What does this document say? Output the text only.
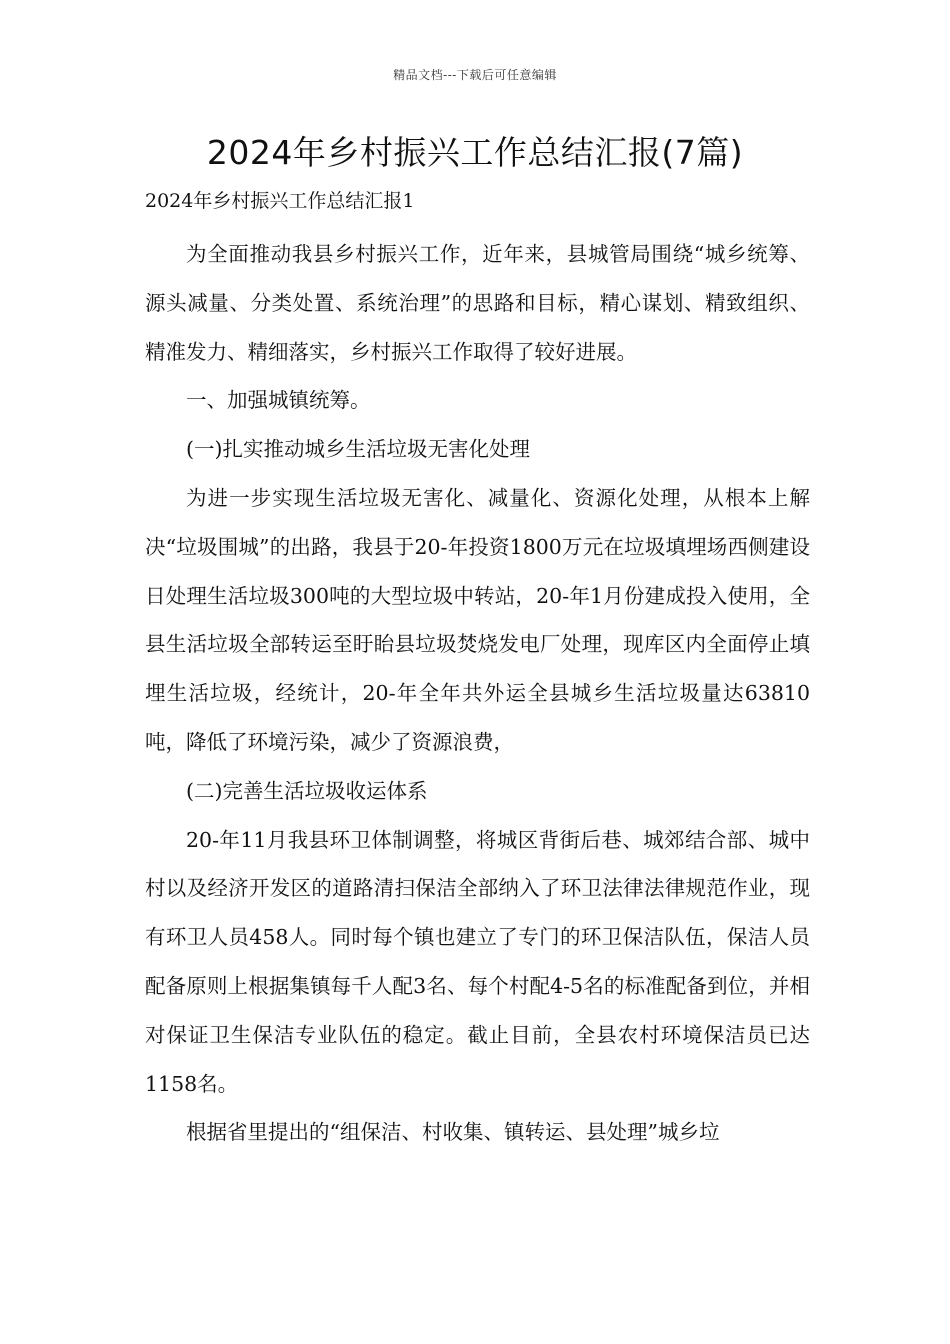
精品文档---下载后可任意编辑
2024年乡村振兴工作总结汇报(7篇)
2024年乡村振兴工作总结汇报1

为全面推动我县乡村振兴工作，近年来，县城管局围绕“城乡统筹、源头减量、分类处置、系统治理”的思路和目标，精心谋划、精致组织、精准发力、精细落实，乡村振兴工作取得了较好进展。

一、加强城镇统筹。

(一)扎实推动城乡生活垃圾无害化处理

为进一步实现生活垃圾无害化、减量化、资源化处理，从根本上解决“垃圾围城”的出路，我县于20-年投资1800万元在垃圾填埋场西侧建设日处理生活垃圾300吨的大型垃圾中转站，20-年1月份建成投入使用，全县生活垃圾全部转运至盱眙县垃圾焚烧发电厂处理，现库区内全面停止填埋生活垃圾，经统计，20-年全年共外运全县城乡生活垃圾量达63810吨，降低了环境污染，减少了资源浪费，

(二)完善生活垃圾收运体系

20-年11月我县环卫体制调整，将城区背街后巷、城郊结合部、城中村以及经济开发区的道路清扫保洁全部纳入了环卫法律法律规范作业，现有环卫人员458人。同时每个镇也建立了专门的环卫保洁队伍，保洁人员配备原则上根据集镇每千人配3名、每个村配4-5名的标准配备到位，并相对保证卫生保洁专业队伍的稳定。截止目前，全县农村环境保洁员已达1158名。

根据省里提出的“组保洁、村收集、镇转运、县处理”城乡垃
